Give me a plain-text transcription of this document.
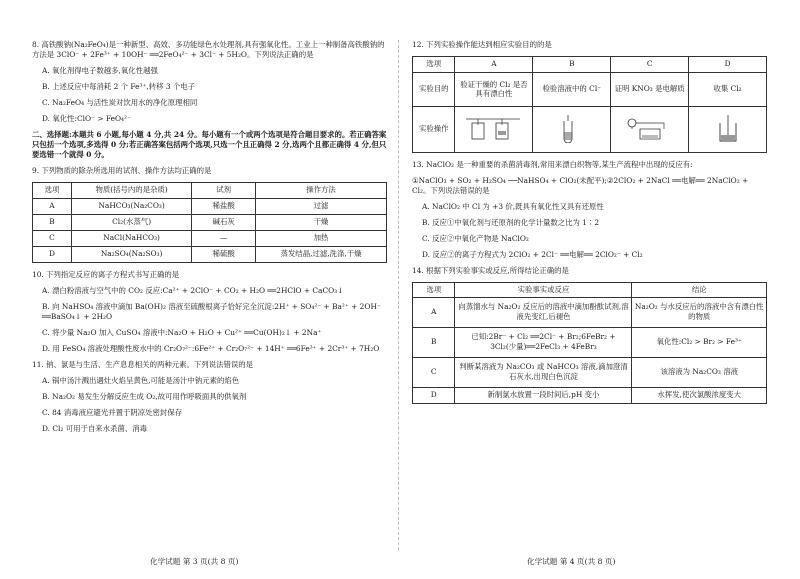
8. 高铁酸钠(Na₂FeO₄)是一种新型、高效、多功能绿色水处理剂,具有强氧化性。工业上一种制备高铁酸钠的方法是 3ClO⁻ + 2Fe³⁺ + 10OH⁻ ══2FeO₄²⁻ + 3Cl⁻ + 5H₂O。下列说法正确的是

A. 氧化剂得电子数越多,氧化性越强

B. 上述反应中每消耗 2 个 Fe³⁺,转移 3 个电子

C. Na₂FeO₄ 与活性炭对饮用水的净化原理相同

D. 氧化性:ClO⁻ > FeO₄²⁻

二、选择题:本题共 6 小题,每小题 4 分,共 24 分。每小题有一个或两个选项是符合题目要求的。若正确答案只包括一个选项,多选得 0 分;若正确答案包括两个选项,只选一个且正确得 2 分,选两个且都正确得 4 分,但只要选错一个就得 0 分。

9. 下列物质的除杂所选用的试剂、操作方法均正确的是

选项	物质(括号内的是杂质)	试剂	操作方法
A	NaHCO₃(Na₂CO₃)	稀盐酸	过滤
B	Cl₂(水蒸气)	碱石灰	干燥
C	NaCl(NaHCO₃)	—	加热
D	Na₂SO₄(Na₂SO₃)	稀硫酸	蒸发结晶,过滤,洗涤,干燥

10. 下列指定反应的离子方程式书写正确的是

A. 漂白粉溶液与空气中的 CO₂ 反应:Ca²⁺ + 2ClO⁻ + CO₂ + H₂O ══2HClO + CaCO₃↓

B. 向 NaHSO₄ 溶液中滴加 Ba(OH)₂ 溶液至硫酸根离子恰好完全沉淀:2H⁺ + SO₄²⁻ + Ba²⁺ + 2OH⁻ ══BaSO₄↓ + 2H₂O

C. 将少量 Na₂O 加入 CuSO₄ 溶液中:Na₂O + H₂O + Cu²⁺ ══Cu(OH)₂↓ + 2Na⁺

D. 用 FeSO₄ 溶液处理酸性废水中的 Cr₂O₇²⁻:6Fe²⁺ + Cr₂O₇²⁻ + 14H⁺ ══6Fe³⁺ + 2Cr³⁺ + 7H₂O

11. 钠、氯是与生活、生产息息相关的两种元素。下列说法错误的是

A. 锅中汤汁溅出遇灶火焰呈黄色,可能是汤汁中钠元素的焰色

B. Na₂O₂ 易发生分解反应生成 O₂,故可用作呼吸面具的供氧剂

C. 84 消毒液应避光并置于阴凉处密封保存

D. Cl₂ 可用于自来水杀菌、消毒

12. 下列实验操作能达到相应实验目的的是

选项	A	B	C	D
实验目的	验证干燥的 Cl₂ 是否具有漂白性	检验溶液中的 Cl⁻	证明 KNO₃ 是电解质	收集 Cl₂
实验操作				

13. NaClO₂ 是一种重要的杀菌消毒剂,常用来漂白织物等,某生产流程中出现的反应有:

①NaClO₃ + SO₂ + H₂SO₄ ──NaHSO₄ + ClO₂(未配平);②2ClO₂ + 2NaCl ══电解══ 2NaClO₂ + Cl₂。下列说法错误的是

A. NaClO₂ 中 Cl 为 +3 价,既具有氧化性又具有还原性

B. 反应①中氧化剂与还原剂的化学计量数之比为 1∶2

C. 反应②中氧化产物是 NaClO₂

D. 反应②的离子方程式为 2ClO₂ + 2Cl⁻ ══电解══ 2ClO₂⁻ + Cl₂

14. 根据下列实验事实或反应,所得结论正确的是

选项	实验事实或反应	结论
A	向蒸馏水与 Na₂O₂ 反应后的溶液中滴加酚酞试剂,溶液先变红,后褪色	Na₂O₂ 与水反应后的溶液中含有漂白性的物质
B	已知:2Br⁻ + Cl₂ ══2Cl⁻ + Br₂;6FeBr₂ + 3Cl₂(少量)══2FeCl₃ + 4FeBr₃	氧化性:Cl₂ > Br₂ > Fe³⁺
C	判断某溶液为 Na₂CO₃ 或 NaHCO₃ 溶液,滴加澄清石灰水,出现白色沉淀	该溶液为 Na₂CO₃ 溶液
D	新制氯水放置一段时间后,pH 变小	水挥发,使次氯酸浓度变大
化学试题 第 3 页(共 8 页)	化学试题 第 4 页(共 8 页)
